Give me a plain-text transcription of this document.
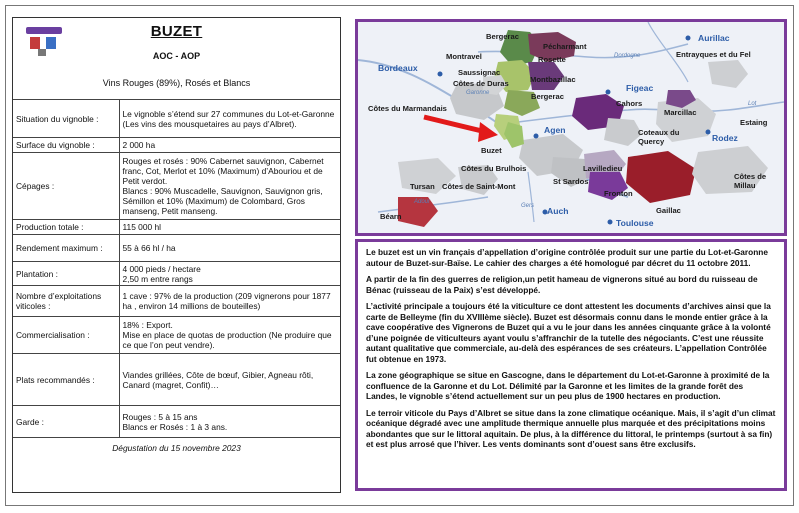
BUZET
AOC - AOP
Vins Rouges (89%), Rosés et Blancs
Situation du vignoble :	Le vignoble s’étend sur 27 communes du Lot-et-Garonne
(Les vins des mousquetaires au pays d’Albret).
Surface du vignoble :	2 000 ha
Cépages :	Rouges et rosés : 90% Cabernet sauvignon, Cabernet franc, Cot, Merlot et 10% (Maximum) d’Abouriou et de Petit verdot.
Blancs : 90% Muscadelle, Sauvignon, Sauvignon gris, Sémillon et 10% (Maximum) de Colombard, Gros manseng, Petit manseng.
Production totale :	115 000 hl
Rendement maximum :	55 à 66 hl / ha
Plantation :	4 000 pieds / hectare
2,50 m entre rangs
Nombre d’exploitations viticoles :	1 cave : 97% de la production (209 vignerons pour 1877 ha , environ 14 millions de bouteilles)
Commercialisation :	18% : Export.
Mise en place de quotas de production (Ne produire que ce que l’on peut vendre).
Plats recommandés :	Viandes grillées, Côte de bœuf, Gibier, Agneau rôti, Canard (magret, Confit)…
Garde :	Rouges : 5 à 15 ans
Blancs er Rosés : 1 à 3 ans.
Dégustation du 15 novembre 2023	
Bergerac
Pécharmant
Montravel	Rosette	Dordogne
Aurillac
Bordeaux	Saussignac
Montbazillac
Entrayques et du Fel
Côtes de Duras
Garonne	Bergerac
Figeac
Lot
Côtes du Marmandais
Cahors
Marcillac
Estaing
Agen	Coteaux du
Quercy	Rodez
Buzet
Côtes du Brulhois
Côtes de
Millau
Tursan Côtes de Saint-Mont
St Sardos
Lavilledieu
Fronton
Adour
Gers	Gaillac
Auch
Béarn
Toulouse

Le buzet est un vin français d’appellation d’origine contrôlée produit sur une partie du Lot-et-Garonne autour de Buzet-sur-Baïse. Le cahier des charges a été homologué par décret du 11 octobre 2011.

A partir de la fin des guerres de religion,un petit hameau de vignerons situé au bord du ruisseau de Bénac (ruisseau de la Paix) s’est développé.

L’activité principale a toujours été la viticulture ce dont attestent les documents d’archives ainsi que la carte de Belleyme (fin du XVIIIème siècle). Buzet est désormais connu dans le monde entier grâce à la cave coopérative des Vignerons de Buzet qui a vu le jour dans les années cinquante grâce à la volonté d’une poignée de viticulteurs ayant voulu s’affranchir de la tutelle des négociants. C’est une réussite autant qualitative que commerciale, au-delà des espérances de ses créateurs. L’appellation Contrôlée fut obtenue en 1973.

La zone géographique se situe en Gascogne, dans le département du Lot-et-Garonne à proximité de la confluence de la Garonne et du Lot. Délimité par la Garonne et les limites de la grande forêt des Landes, le vignoble s’étend actuellement sur un peu plus de 1900 hectares en production.

Le terroir viticole du Pays d’Albret se situe dans la zone climatique océanique. Mais, il s’agit d’un climat océanique dégradé avec une amplitude thermique annuelle plus marquée et des précipitations moins abondantes que sur le littoral aquitain. De plus, à la différence du littoral, le printemps (surtout à sa fin) et est plus arrosé que l’hiver. Les vents dominants sont d’ouest sans être exclusifs.
